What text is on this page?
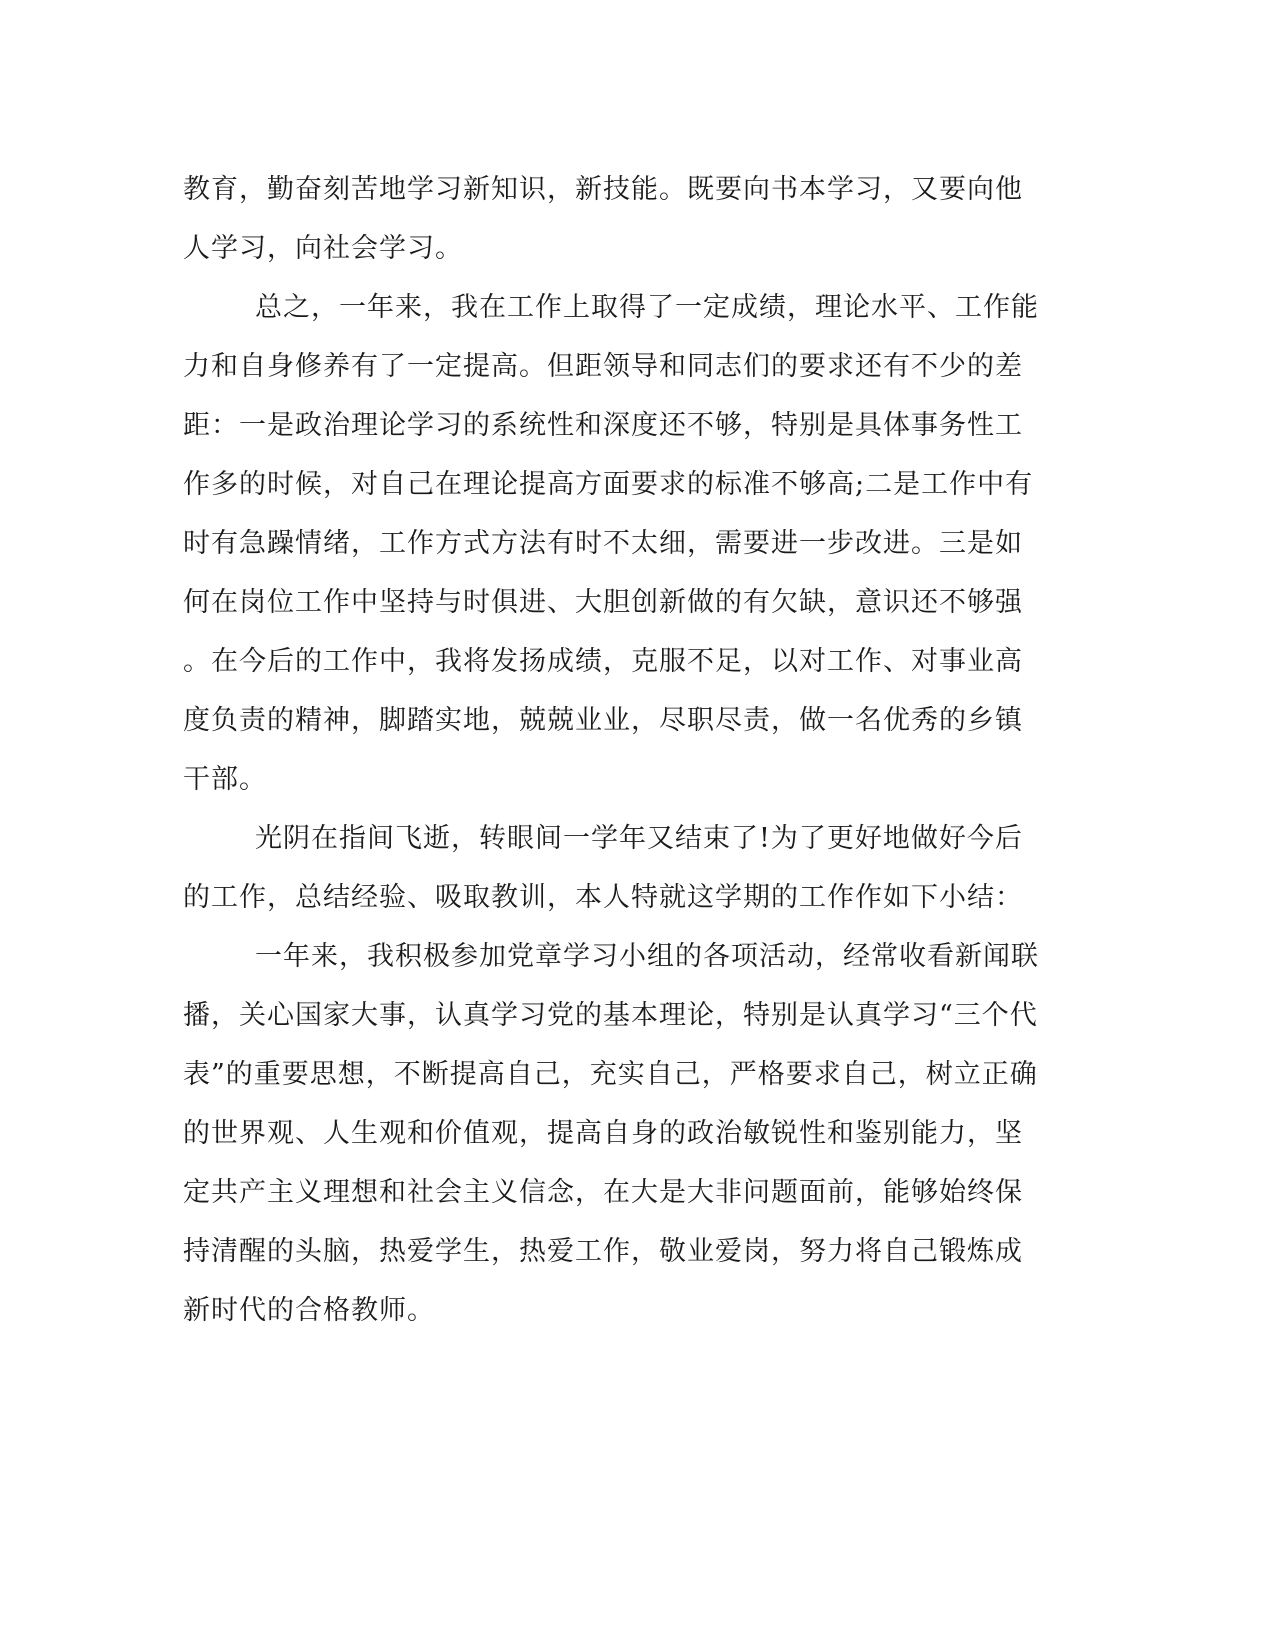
教育，勤奋刻苦地学习新知识，新技能。既要向书本学习，又要向他
人学习，向社会学习。
总之，一年来，我在工作上取得了一定成绩，理论水平、工作能
力和自身修养有了一定提高。但距领导和同志们的要求还有不少的差
距：一是政治理论学习的系统性和深度还不够，特别是具体事务性工
作多的时候，对自己在理论提高方面要求的标准不够高;二是工作中有
时有急躁情绪，工作方式方法有时不太细，需要进一步改进。三是如
何在岗位工作中坚持与时俱进、大胆创新做的有欠缺，意识还不够强
。在今后的工作中，我将发扬成绩，克服不足，以对工作、对事业高
度负责的精神，脚踏实地，兢兢业业，尽职尽责，做一名优秀的乡镇
干部。
光阴在指间飞逝，转眼间一学年又结束了!为了更好地做好今后
的工作，总结经验、吸取教训，本人特就这学期的工作作如下小结：
一年来，我积极参加党章学习小组的各项活动，经常收看新闻联
播，关心国家大事，认真学习党的基本理论，特别是认真学习“三个代
表”的重要思想，不断提高自己，充实自己，严格要求自己，树立正确
的世界观、人生观和价值观，提高自身的政治敏锐性和鉴别能力，坚
定共产主义理想和社会主义信念，在大是大非问题面前，能够始终保
持清醒的头脑，热爱学生，热爱工作，敬业爱岗，努力将自己锻炼成
新时代的合格教师。
